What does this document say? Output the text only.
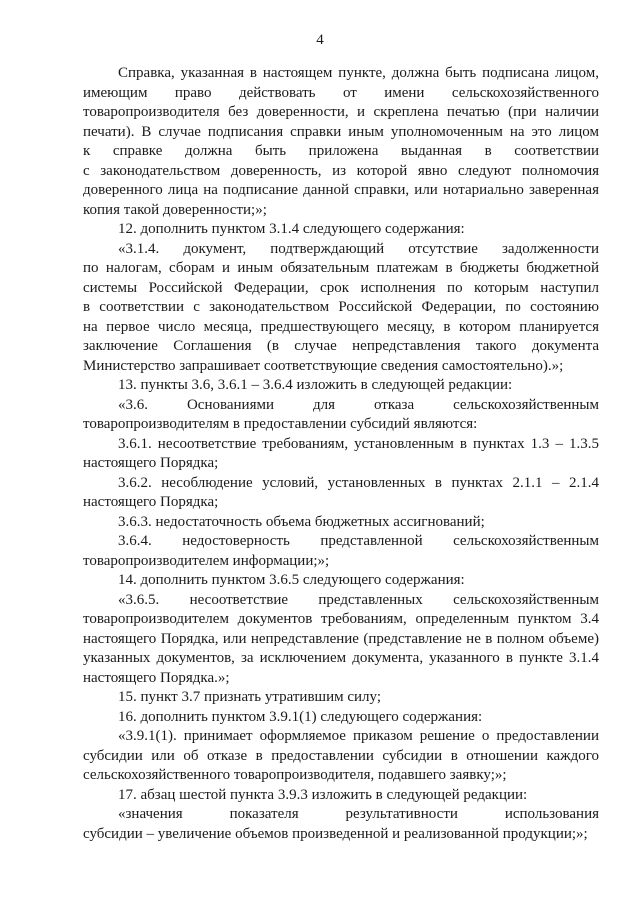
4
Справка, указанная в настоящем пункте, должна быть подписана лицом,
имеющим право действовать от имени сельскохозяйственного
товаропроизводителя без доверенности, и скреплена печатью (при наличии
печати). В случае подписания справки иным уполномоченным на это лицом
к справке должна быть приложена выданная в соответствии
с законодательством доверенность, из которой явно следуют полномочия
доверенного лица на подписание данной справки, или нотариально заверенная
копия такой доверенности;»;
12. дополнить пунктом 3.1.4 следующего содержания:
«3.1.4. документ, подтверждающий отсутствие задолженности
по налогам, сборам и иным обязательным платежам в бюджеты бюджетной
системы Российской Федерации, срок исполнения по которым наступил
в соответствии с законодательством Российской Федерации, по состоянию
на первое число месяца, предшествующего месяцу, в котором планируется
заключение Соглашения (в случае непредставления такого документа
Министерство запрашивает соответствующие сведения самостоятельно).»;
13. пункты 3.6, 3.6.1 – 3.6.4 изложить в следующей редакции:
«3.6. Основаниями для отказа сельскохозяйственным
товаропроизводителям в предоставлении субсидий являются:
3.6.1. несоответствие требованиям, установленным в пунктах 1.3 – 1.3.5
настоящего Порядка;
3.6.2. несоблюдение условий, установленных в пунктах 2.1.1 – 2.1.4
настоящего Порядка;
3.6.3. недостаточность объема бюджетных ассигнований;
3.6.4. недостоверность представленной сельскохозяйственным
товаропроизводителем информации;»;
14. дополнить пунктом 3.6.5 следующего содержания:
«3.6.5. несоответствие представленных сельскохозяйственным
товаропроизводителем документов требованиям, определенным пунктом 3.4
настоящего Порядка, или непредставление (представление не в полном объеме)
указанных документов, за исключением документа, указанного в пункте 3.1.4
настоящего Порядка.»;
15. пункт 3.7 признать утратившим силу;
16. дополнить пунктом 3.9.1(1) следующего содержания:
«3.9.1(1). принимает оформляемое приказом решение о предоставлении
субсидии или об отказе в предоставлении субсидии в отношении каждого
сельскохозяйственного товаропроизводителя, подавшего заявку;»;
17. абзац шестой пункта 3.9.3 изложить в следующей редакции:
«значения показателя результативности использования
субсидии – увеличение объемов произведенной и реализованной продукции;»;
